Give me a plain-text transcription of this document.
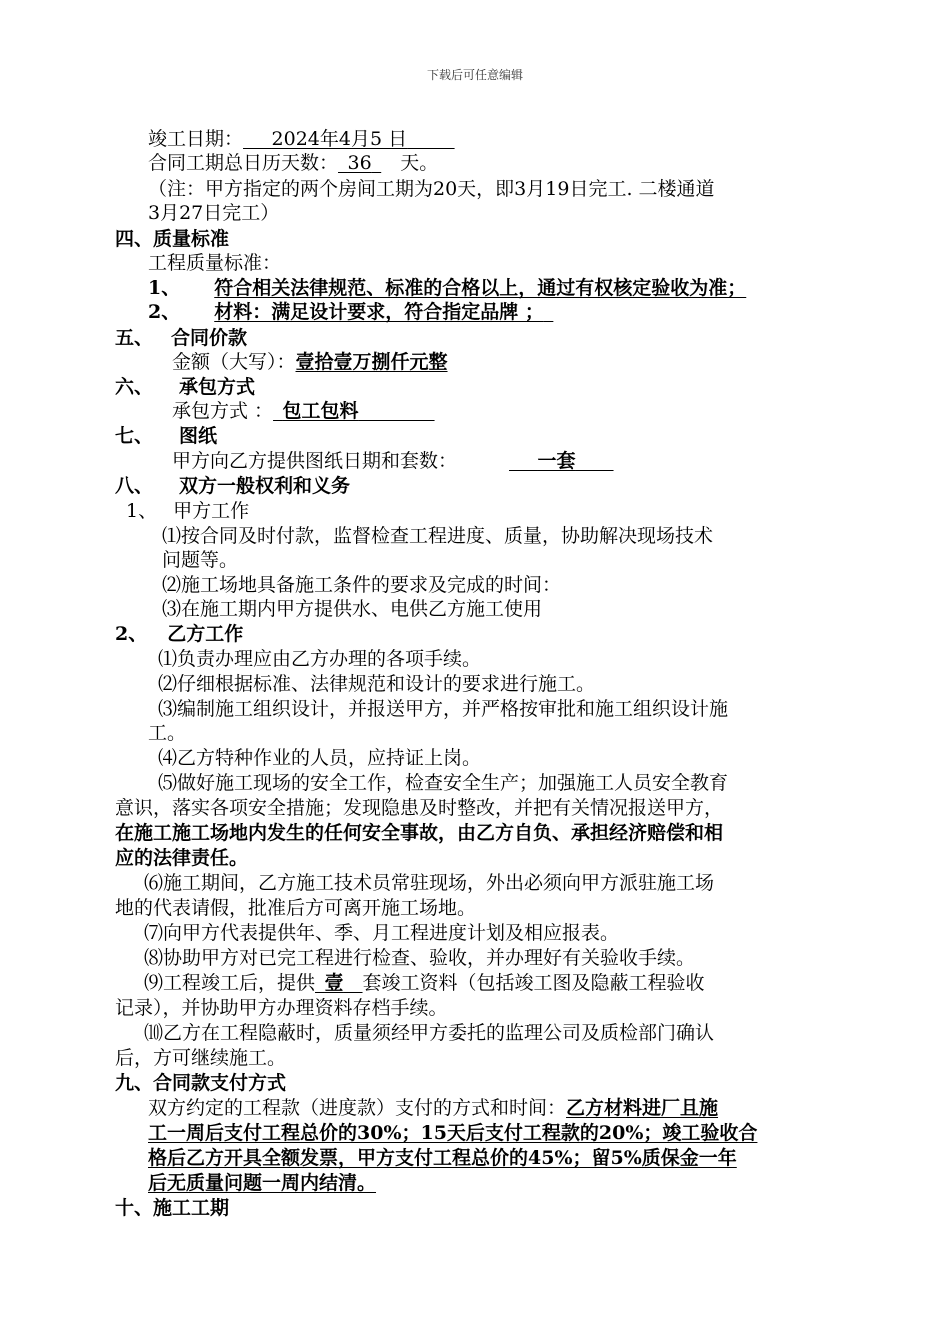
下载后可任意编辑
竣工日期：   2024年4月5 日   
合同工期总日历天数：  36   天。
（注：甲方指定的两个房间工期为20天，即3月19日完工. 二楼通道
3月27日完工）
四、质量标准
工程质量标准：
1、 符合相关法律规范、标准的合格以上，通过有权核定验收为准；
2、 材料：满足设计要求，符合指定品牌 ； 
五、 合同价款
金额（大写）：壹拾壹万捌仟元整
六、 承包方式
承包方式 ：  包工包料    
七、 图纸
甲方向乙方提供图纸日期和套数：  	一套  
八、 双方一般权利和义务
1、 甲方工作
⑴按合同及时付款，监督检查工程进度、质量，协助解决现场技术
问题等。
⑵施工场地具备施工条件的要求及完成的时间：
⑶在施工期内甲方提供水、电供乙方施工使用
2、 乙方工作
⑴负责办理应由乙方办理的各项手续。
⑵仔细根据标准、法律规范和设计的要求进行施工。
⑶编制施工组织设计，并报送甲方，并严格按审批和施工组织设计施
工。
⑷乙方特种作业的人员，应持证上岗。
⑸做好施工现场的安全工作，检查安全生产；加强施工人员安全教育
意识，落实各项安全措施；发现隐患及时整改，并把有关情况报送甲方，
在施工施工场地内发生的任何安全事故，由乙方自负、承担经济赔偿和相
应的法律责任。
⑹施工期间，乙方施工技术员常驻现场，外出必须向甲方派驻施工场
地的代表请假，批准后方可离开施工场地。
⑺向甲方代表提供年、季、月工程进度计划及相应报表。
⑻协助甲方对已完工程进行检查、验收，并办理好有关验收手续。
⑼工程竣工后，提供  壹  套竣工资料（包括竣工图及隐蔽工程验收
记录），并协助甲方办理资料存档手续。
⑽乙方在工程隐蔽时，质量须经甲方委托的监理公司及质检部门确认
后，方可继续施工。
九、合同款支付方式
双方约定的工程款（进度款）支付的方式和时间：乙方材料进厂且施
工一周后支付工程总价的30%；15天后支付工程款的20%；竣工验收合
格后乙方开具全额发票，甲方支付工程总价的45%；留5%质保金一年
后无质量问题一周内结清。
十、施工工期
